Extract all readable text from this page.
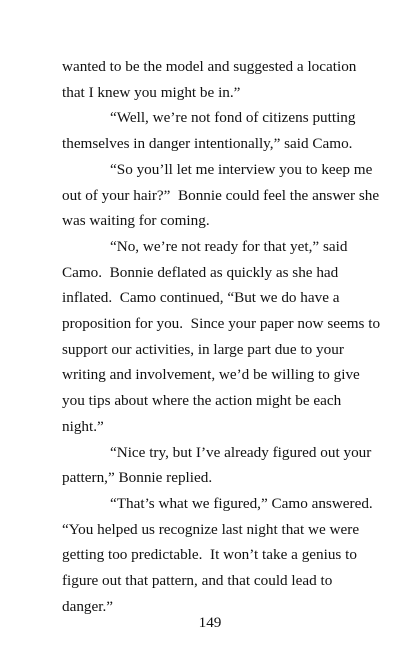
wanted to be the model and suggested a location
that I knew you might be in.”

“Well, we’re not fond of citizens putting
themselves in danger intentionally,” said Camo.

“So you’ll let me interview you to keep me
out of your hair?”  Bonnie could feel the answer she
was waiting for coming.

“No, we’re not ready for that yet,” said
Camo.  Bonnie deflated as quickly as she had
inflated.  Camo continued, “But we do have a
proposition for you.  Since your paper now seems to
support our activities, in large part due to your
writing and involvement, we’d be willing to give
you tips about where the action might be each
night.”

“Nice try, but I’ve already figured out your
pattern,” Bonnie replied.

“That’s what we figured,” Camo answered.
“You helped us recognize last night that we were
getting too predictable.  It won’t take a genius to
figure out that pattern, and that could lead to
danger.”

149
